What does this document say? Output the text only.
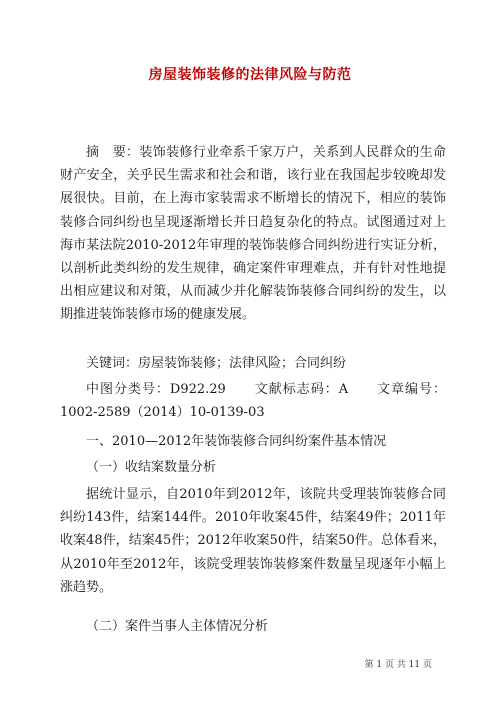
房屋装饰装修的法律风险与防范

摘　要：装饰装修行业牵系千家万户，关系到人民群众的生命财产安全，关乎民生需求和社会和谐，该行业在我国起步较晚却发展很快。目前，在上海市家装需求不断增长的情况下，相应的装饰装修合同纠纷也呈现逐渐增长并日趋复杂化的特点。试图通过对上海市某法院2010-2012年审理的装饰装修合同纠纷进行实证分析，以剖析此类纠纷的发生规律，确定案件审理难点，并有针对性地提出相应建议和对策，从而减少并化解装饰装修合同纠纷的发生，以期推进装饰装修市场的健康发展。

关键词：房屋装饰装修；法律风险；合同纠纷

中图分类号：D922.29　　文献标志码：A　　文章编号：1002-2589（2014）10-0139-03

一、2010—2012年装饰装修合同纠纷案件基本情况

（一）收结案数量分析

据统计显示，自2010年到2012年，该院共受理装饰装修合同纠纷143件，结案144件。2010年收案45件，结案49件；2011年收案48件，结案45件；2012年收案50件，结案50件。总体看来，从2010年至2012年，该院受理装饰装修案件数量呈现逐年小幅上涨趋势。

（二）案件当事人主体情况分析

第 1 页 共 11 页
